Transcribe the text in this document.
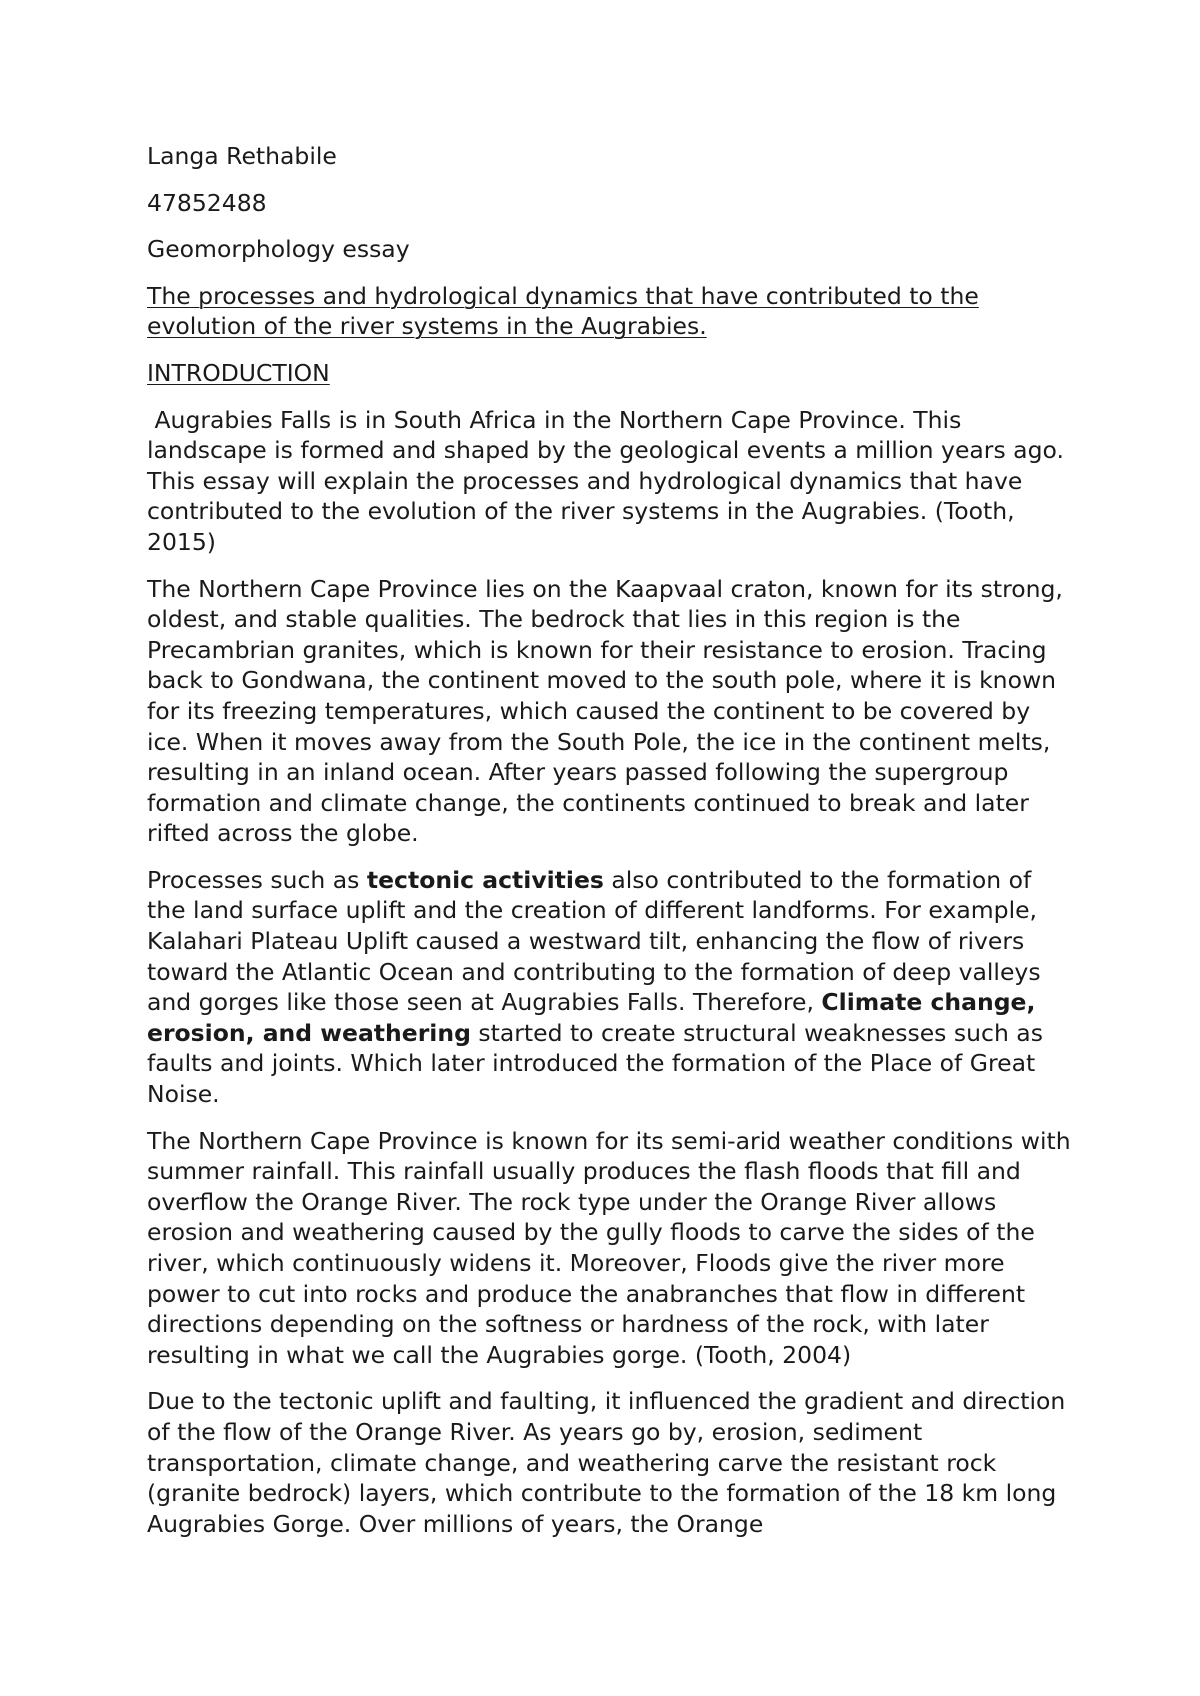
Langa Rethabile

47852488

Geomorphology essay

The processes and hydrological dynamics that have contributed to the evolution of the river systems in the Augrabies.

INTRODUCTION

Augrabies Falls is in South Africa in the Northern Cape Province. This landscape is formed and shaped by the geological events a million years ago. This essay will explain the processes and hydrological dynamics that have contributed to the evolution of the river systems in the Augrabies. (Tooth, 2015)

The Northern Cape Province lies on the Kaapvaal craton, known for its strong, oldest, and stable qualities. The bedrock that lies in this region is the Precambrian granites, which is known for their resistance to erosion. Tracing back to Gondwana, the continent moved to the south pole, where it is known for its freezing temperatures, which caused the continent to be covered by ice. When it moves away from the South Pole, the ice in the continent melts, resulting in an inland ocean. After years passed following the supergroup formation and climate change, the continents continued to break and later rifted across the globe.

Processes such as tectonic activities also contributed to the formation of the land surface uplift and the creation of different landforms. For example, Kalahari Plateau Uplift caused a westward tilt, enhancing the flow of rivers toward the Atlantic Ocean and contributing to the formation of deep valleys and gorges like those seen at Augrabies Falls. Therefore, Climate change, erosion, and weathering started to create structural weaknesses such as faults and joints. Which later introduced the formation of the Place of Great Noise.

The Northern Cape Province is known for its semi-arid weather conditions with summer rainfall. This rainfall usually produces the flash floods that fill and overflow the Orange River. The rock type under the Orange River allows erosion and weathering caused by the gully floods to carve the sides of the river, which continuously widens it. Moreover, Floods give the river more power to cut into rocks and produce the anabranches that flow in different directions depending on the softness or hardness of the rock, with later resulting in what we call the Augrabies gorge. (Tooth, 2004)

Due to the tectonic uplift and faulting, it influenced the gradient and direction of the flow of the Orange River. As years go by, erosion, sediment transportation, climate change, and weathering carve the resistant rock (granite bedrock) layers, which contribute to the formation of the 18 km long Augrabies Gorge. Over millions of years, the Orange
